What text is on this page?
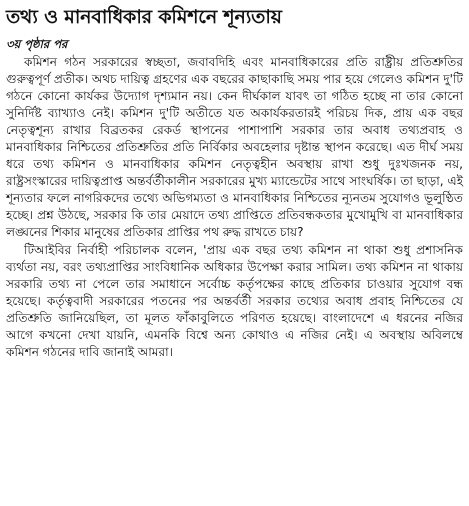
তথ্য ও মানবাধিকার কমিশনে শূন্যতায়
৩য় পৃষ্ঠার পর

কমিশন গঠন সরকারের স্বচ্ছতা, জবাবদিহি এবং মানবাধিকারের প্রতি রাষ্ট্রীয় প্রতিশ্রুতির গুরুত্বপূর্ণ প্রতীক। অথচ দায়িত্ব গ্রহণের এক বছরের কাছাকাছি সময় পার হয়ে গেলেও কমিশন দু'টি গঠনে কোনো কার্যকর উদ্যোগ দৃশ্যমান নয়। কেন দীর্ঘকাল যাবৎ তা গঠিত হচ্ছে না তার কোনো সুনির্দিষ্ট ব্যাখ্যাও নেই। কমিশন দু'টি অতীতে যত অকার্যকরতারই পরিচয় দিক, প্রায় এক বছর নেতৃত্বশূন্য রাখার বিব্রতকর রেকর্ড স্থাপনের পাশাপাশি সরকার তার অবাধ তথ্যপ্রবাহ ও মানবাধিকার নিশ্চিতের প্রতিশ্রুতির প্রতি নির্বিকার অবহেলার দৃষ্টান্ত স্থাপন করেছে। এত দীর্ঘ সময় ধরে তথ্য কমিশন ও মানবাধিকার কমিশন নেতৃত্বহীন অবস্থায় রাখা শুধু দুঃখজনক নয়, রাষ্ট্রসংস্কারের দায়িত্বপ্রাপ্ত অন্তর্বর্তীকালীন সরকারের মুখ্য ম্যান্ডেটের সাথে সাংঘর্ষিক। তা ছাড়া, এই শূন্যতার ফলে নাগরিকদের তথ্যে অভিগম্যতা ও মানবাধিকার নিশ্চিতের ন্যূনতম সুযোগও ভূলুণ্ঠিত হচ্ছে। প্রশ্ন উঠছে, সরকার কি তার মেয়াদে তথ্য প্রাপ্তিতে প্রতিবন্ধকতার মুখোমুখি বা মানবাধিকার লঙ্ঘনের শিকার মানুষের প্রতিকার প্রাপ্তির পথ রুদ্ধ রাখতে চায়?

টিআইবির নির্বাহী পরিচালক বলেন, 'প্রায় এক বছর তথ্য কমিশন না থাকা শুধু প্রশাসনিক ব্যর্থতা নয়, বরং তথ্যপ্রাপ্তির সাংবিধানিক অধিকার উপেক্ষা করার সামিল। তথ্য কমিশন না থাকায় সরকারি তথ্য না পেলে তার সমাধানে সর্বোচ্চ কর্তৃপক্ষের কাছে প্রতিকার চাওয়ার সুযোগ বন্ধ হয়েছে। কর্তৃত্ববাদী সরকারের পতনের পর অন্তর্বর্তী সরকার তথ্যের অবাধ প্রবাহ নিশ্চিতের যে প্রতিশ্রুতি জানিয়েছিল, তা মূলত ফাঁকাবুলিতে পরিণত হয়েছে। বাংলাদেশে এ ধরনের নজির আগে কখনো দেখা যায়নি, এমনকি বিশ্বে অন্য কোথাও এ নজির নেই। এ অবস্থায় অবিলম্বে কমিশন গঠনের দাবি জানাই আমরা।
